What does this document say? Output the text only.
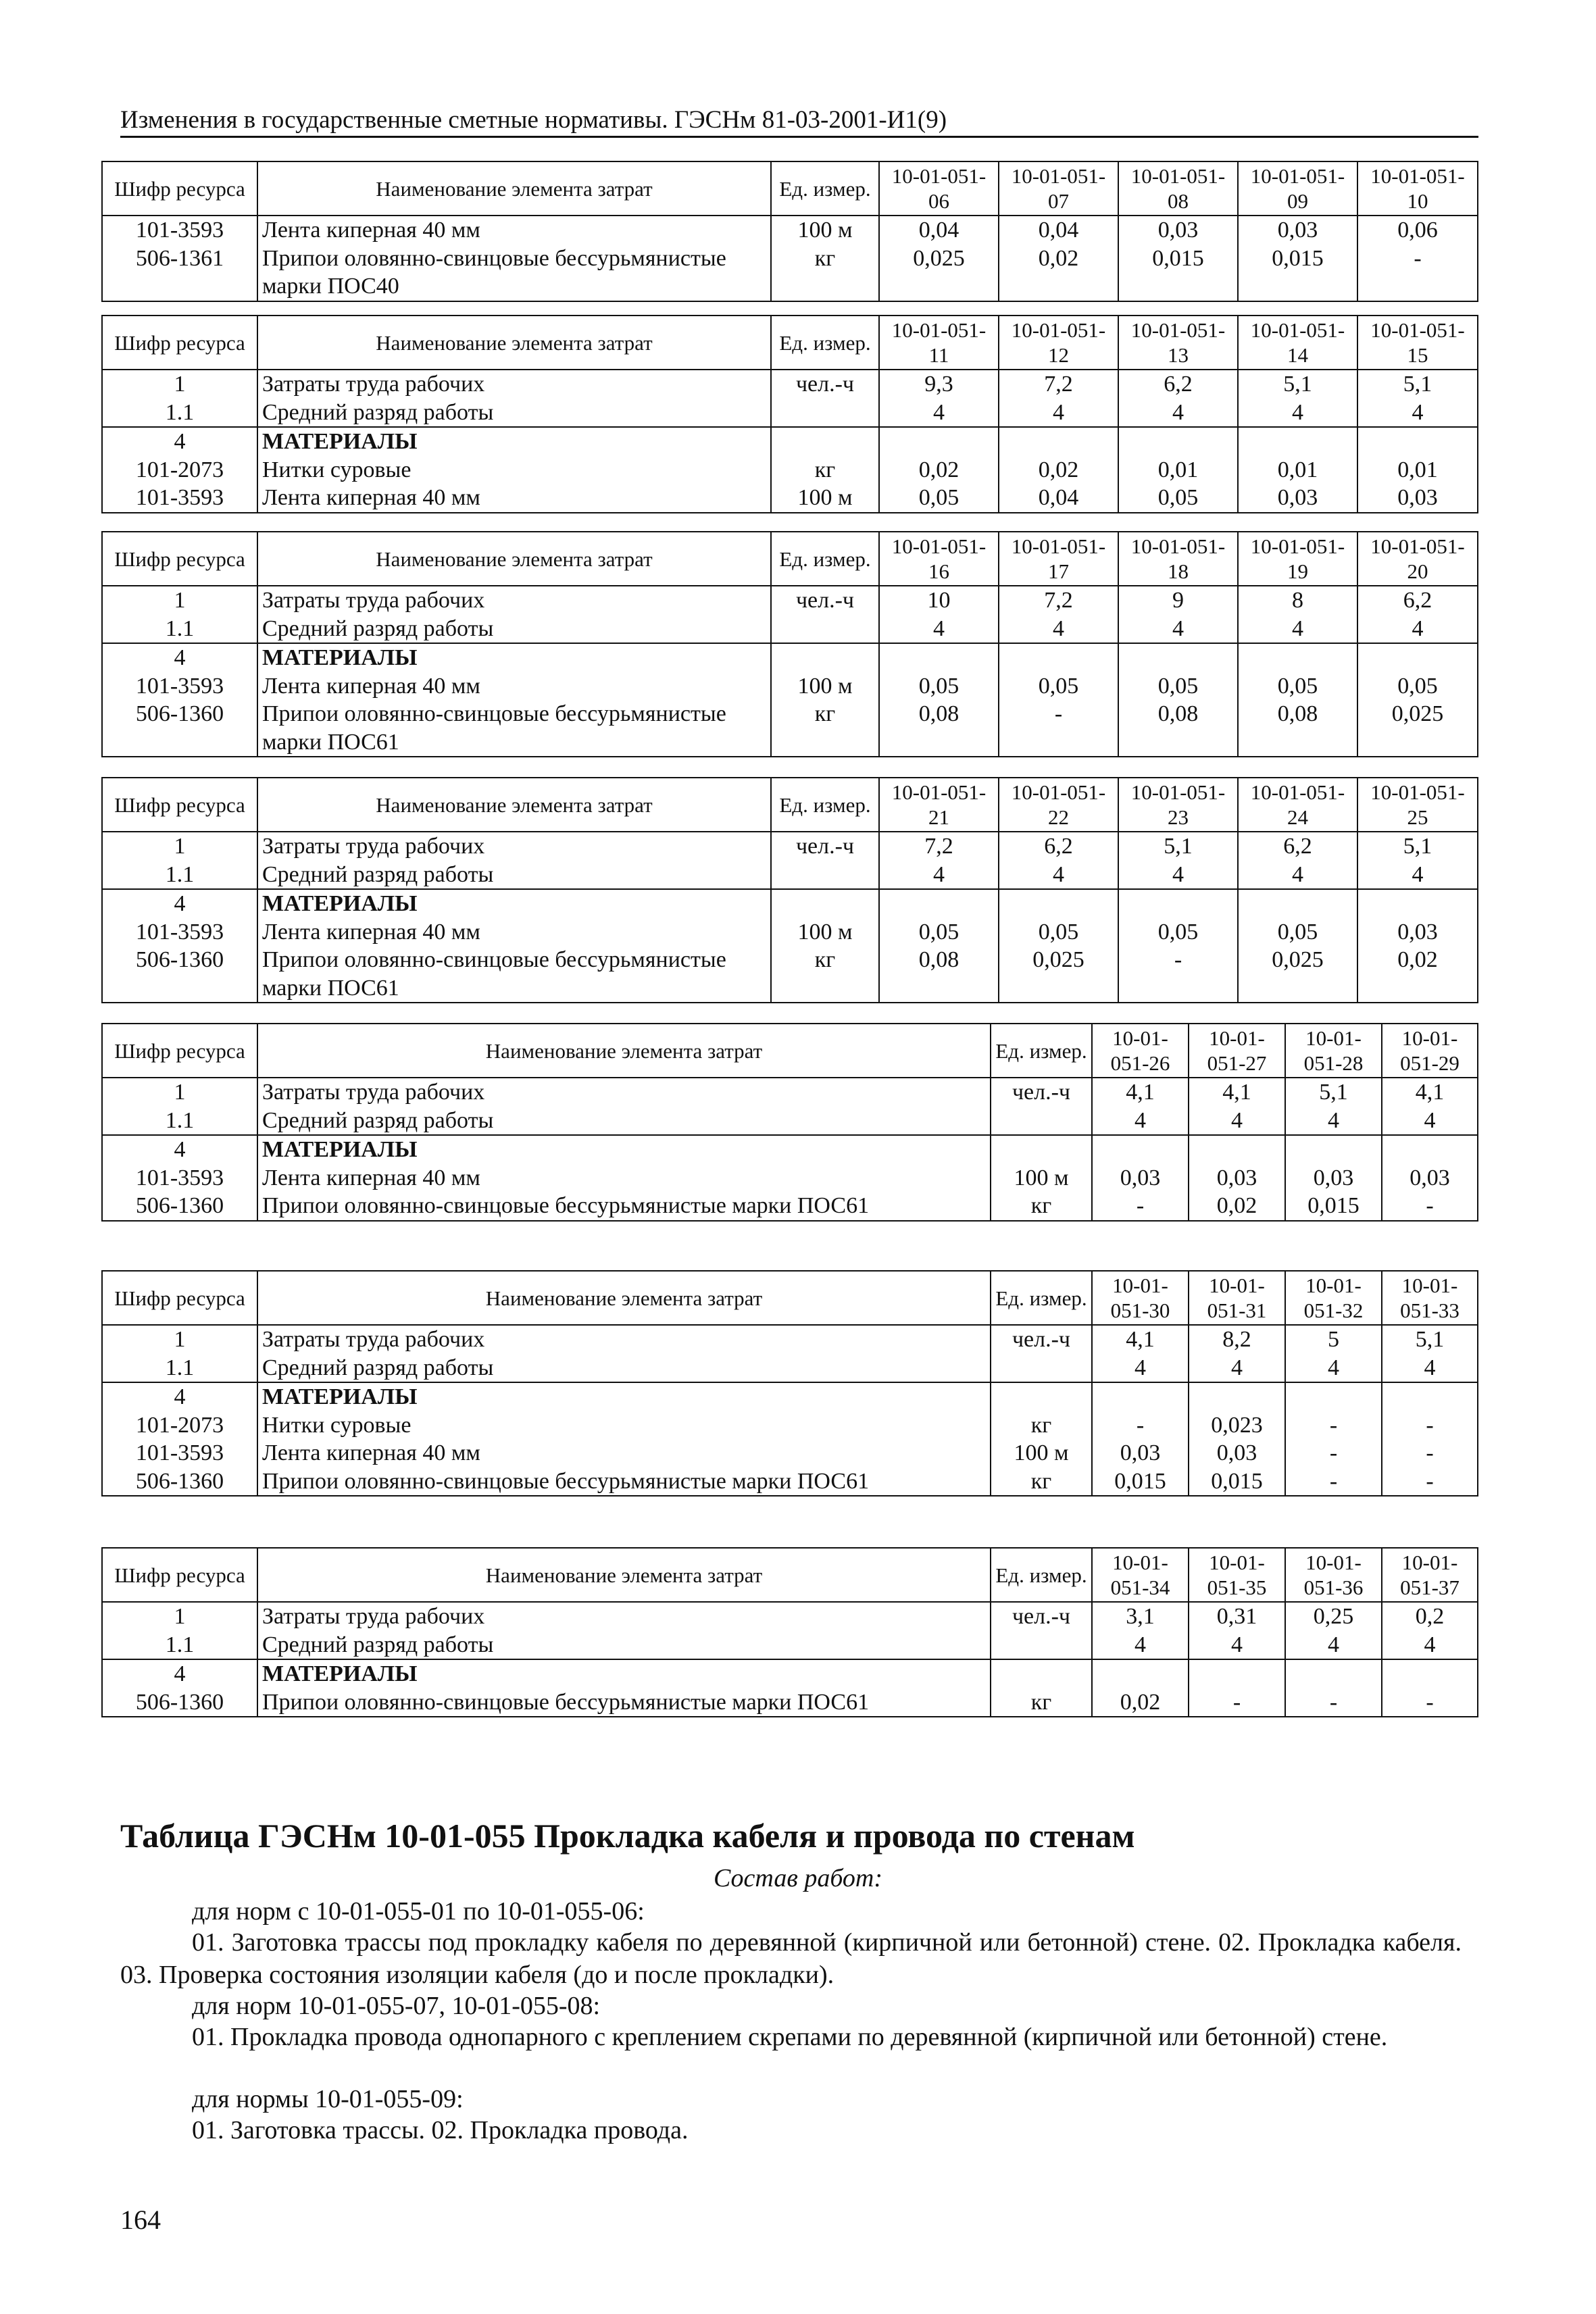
Изменения в государственные сметные нормативы. ГЭСНм 81-03-2001-И1(9)
Шифр ресурса	Наименование элемента затрат	Ед. измер.	10-01-051-06	10-01-051-07	10-01-051-08	10-01-051-09	10-01-051-10
101-3593	Лента киперная 40 мм	100 м	0,04	0,04	0,03	0,03	0,06
506-1361	Припои оловянно-свинцовые бессурьмянистые марки ПОС40	кг	0,025	0,02	0,015	0,015	-
Шифр ресурса	Наименование элемента затрат	Ед. измер.	10-01-051-11	10-01-051-12	10-01-051-13	10-01-051-14	10-01-051-15
1	Затраты труда рабочих	чел.-ч	9,3	7,2	6,2	5,1	5,1
1.1	Средний разряд работы		4	4	4	4	4
4	МАТЕРИАЛЫ						
101-2073	Нитки суровые	кг	0,02	0,02	0,01	0,01	0,01
101-3593	Лента киперная 40 мм	100 м	0,05	0,04	0,05	0,03	0,03
Шифр ресурса	Наименование элемента затрат	Ед. измер.	10-01-051-16	10-01-051-17	10-01-051-18	10-01-051-19	10-01-051-20
1	Затраты труда рабочих	чел.-ч	10	7,2	9	8	6,2
1.1	Средний разряд работы		4	4	4	4	4
4	МАТЕРИАЛЫ						
101-3593	Лента киперная 40 мм	100 м	0,05	0,05	0,05	0,05	0,05
506-1360	Припои оловянно-свинцовые бессурьмянистые марки ПОС61	кг	0,08	-	0,08	0,08	0,025
Шифр ресурса	Наименование элемента затрат	Ед. измер.	10-01-051-21	10-01-051-22	10-01-051-23	10-01-051-24	10-01-051-25
1	Затраты труда рабочих	чел.-ч	7,2	6,2	5,1	6,2	5,1
1.1	Средний разряд работы		4	4	4	4	4
4	МАТЕРИАЛЫ						
101-3593	Лента киперная 40 мм	100 м	0,05	0,05	0,05	0,05	0,03
506-1360	Припои оловянно-свинцовые бессурьмянистые марки ПОС61	кг	0,08	0,025	-	0,025	0,02
Шифр ресурса	Наименование элемента затрат	Ед. измер.	10-01-051-26	10-01-051-27	10-01-051-28	10-01-051-29
1	Затраты труда рабочих	чел.-ч	4,1	4,1	5,1	4,1
1.1	Средний разряд работы		4	4	4	4
4	МАТЕРИАЛЫ					
101-3593	Лента киперная 40 мм	100 м	0,03	0,03	0,03	0,03
506-1360	Припои оловянно-свинцовые бессурьмянистые марки ПОС61	кг	-	0,02	0,015	-
Шифр ресурса	Наименование элемента затрат	Ед. измер.	10-01-051-30	10-01-051-31	10-01-051-32	10-01-051-33
1	Затраты труда рабочих	чел.-ч	4,1	8,2	5	5,1
1.1	Средний разряд работы		4	4	4	4
4	МАТЕРИАЛЫ					
101-2073	Нитки суровые	кг	-	0,023	-	-
101-3593	Лента киперная 40 мм	100 м	0,03	0,03	-	-
506-1360	Припои оловянно-свинцовые бессурьмянистые марки ПОС61	кг	0,015	0,015	-	-
Шифр ресурса	Наименование элемента затрат	Ед. измер.	10-01-051-34	10-01-051-35	10-01-051-36	10-01-051-37
1	Затраты труда рабочих	чел.-ч	3,1	0,31	0,25	0,2
1.1	Средний разряд работы		4	4	4	4
4	МАТЕРИАЛЫ					
506-1360	Припои оловянно-свинцовые бессурьмянистые марки ПОС61	кг	0,02	-	-	-
Таблица ГЭСНм 10-01-055 Прокладка кабеля и провода по стенам
Состав работ:
для норм с 10-01-055-01 по 10-01-055-06:
01. Заготовка трассы под прокладку кабеля по деревянной (кирпичной или бетонной) стене. 02. Прокладка кабеля. 03. Проверка состояния изоляции кабеля (до и после прокладки).
для норм 10-01-055-07, 10-01-055-08:
01. Прокладка провода однопарного с креплением скрепами по деревянной (кирпичной или бетонной) стене.
для нормы 10-01-055-09:
01. Заготовка трассы. 02. Прокладка провода.
164
